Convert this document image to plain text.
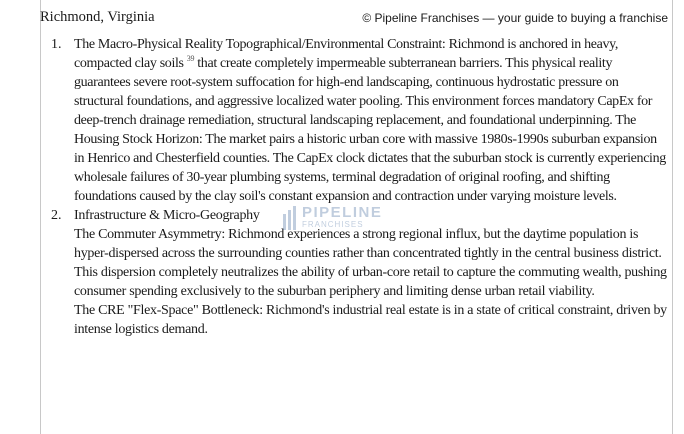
Richmond, Virginia	© Pipeline Franchises — your guide to buying a franchise
1. The Macro-Physical Reality Topographical/Environmental Constraint: Richmond is anchored in heavy, compacted clay soils $^{39}$ that create completely impermeable subterranean barriers. This physical reality guarantees severe root-system suffocation for high-end landscaping, continuous hydrostatic pressure on structural foundations, and aggressive localized water pooling. This environment forces mandatory CapEx for deep-trench drainage remediation, structural landscaping replacement, and foundational underpinning. The Housing Stock Horizon: The market pairs a historic urban core with massive 1980s-1990s suburban expansion in Henrico and Chesterfield counties. The CapEx clock dictates that the suburban stock is currently experiencing wholesale failures of 30-year plumbing systems, terminal degradation of original roofing, and shifting foundations caused by the clay soil's constant expansion and contraction under varying moisture levels.

2. Infrastructure & Micro-Geography

The Commuter Asymmetry: Richmond experiences a strong regional influx, but the daytime population is hyper-dispersed across the surrounding counties rather than concentrated tightly in the central business district. This dispersion completely neutralizes the ability of urban-core retail to capture the commuting wealth, pushing consumer spending exclusively to the suburban periphery and limiting dense urban retail viability.

The CRE "Flex-Space" Bottleneck: Richmond's industrial real estate is in a state of critical constraint, driven by intense logistics demand.

PIPELINE
FRANCHISES
